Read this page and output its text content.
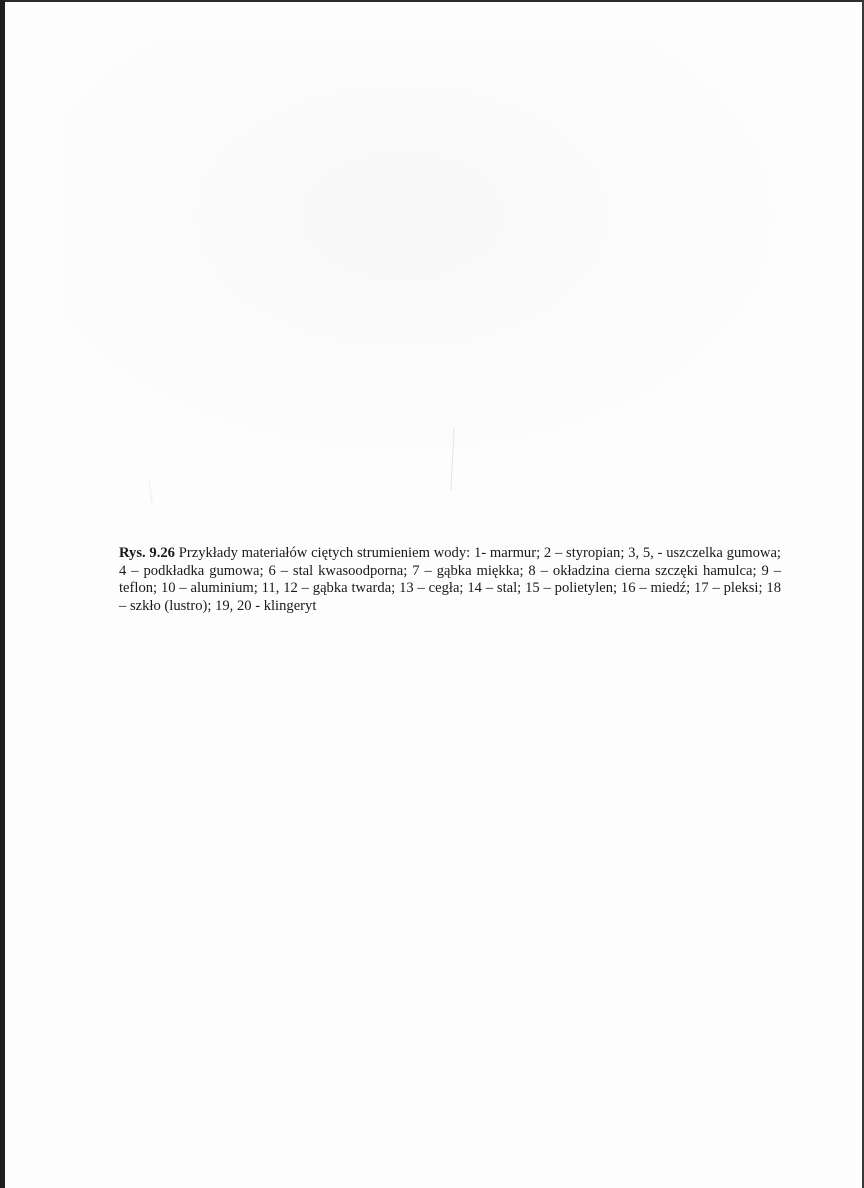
Rys. 9.26 Przykłady materiałów ciętych strumieniem wody: 1- marmur; 2 – styropian; 3, 5, - uszczelka gumowa; 4 – podkładka gumowa; 6 – stal kwasoodporna; 7 – gąbka miękka; 8 – okładzina cierna szczęki hamulca; 9 – teflon; 10 – aluminium; 11, 12 – gąbka twarda; 13 – cegła; 14 – stal; 15 – polietylen; 16 – miedź; 17 – pleksi; 18 – szkło (lustro); 19, 20 - klingeryt
